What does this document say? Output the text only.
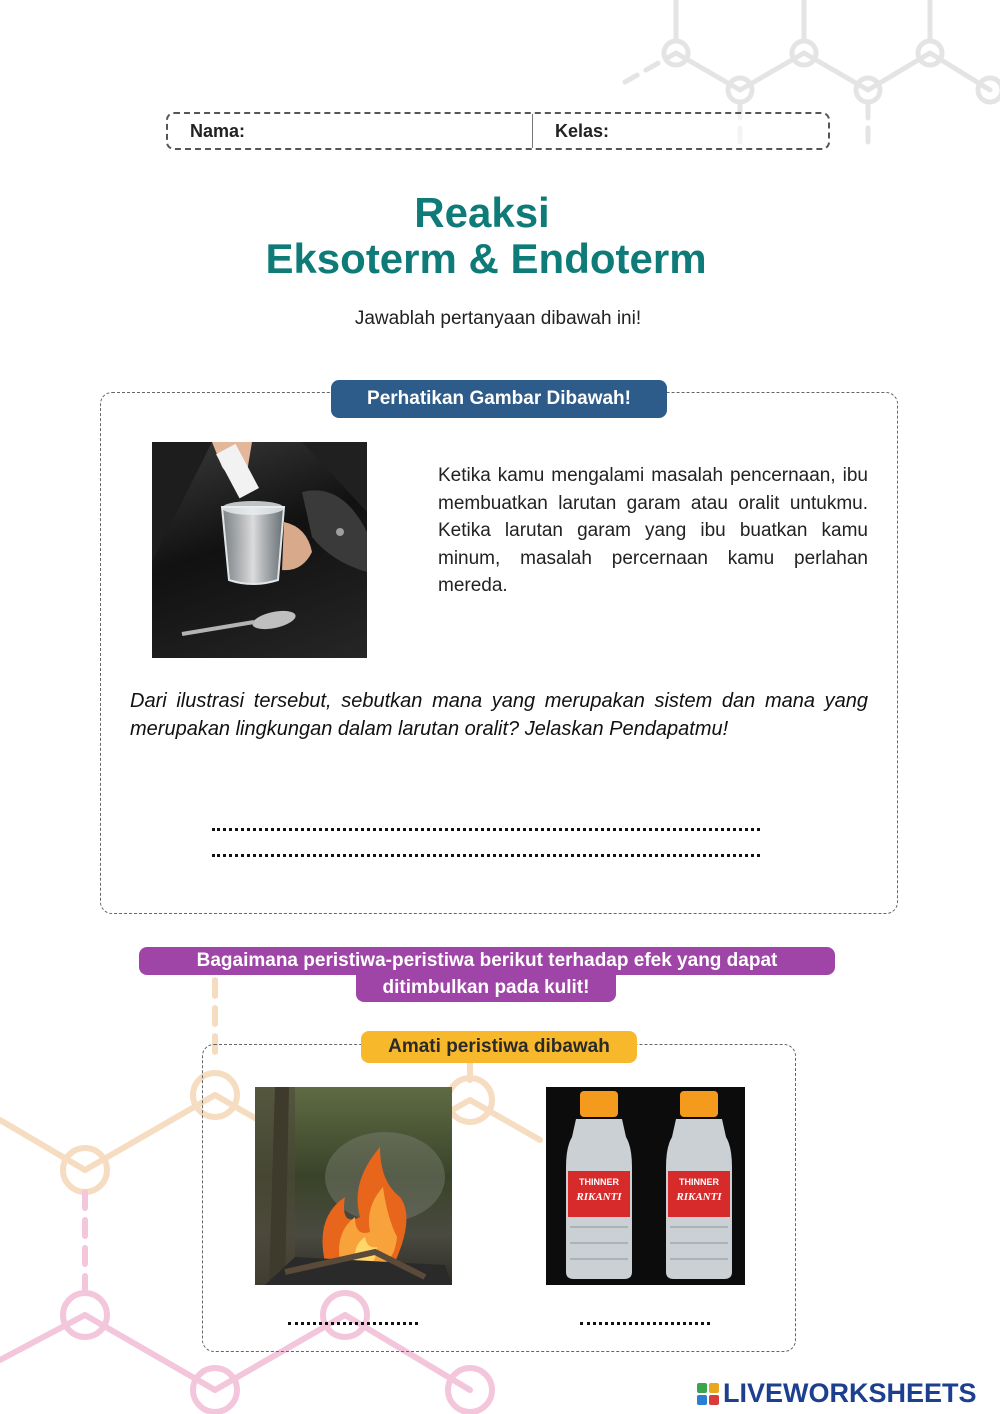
Nama:	Kelas:
Reaksi
Eksoterm & Endoterm
Jawablah pertanyaan dibawah ini!
Perhatikan Gambar Dibawah!

Ketika kamu mengalami masalah pencernaan, ibu membuatkan larutan garam atau oralit untukmu. Ketika larutan garam yang ibu buatkan kamu minum, masalah percernaan kamu perlahan mereda.

Dari ilustrasi tersebut, sebutkan mana yang merupakan sistem dan mana yang merupakan lingkungan dalam larutan oralit? Jelaskan Pendapatmu!

Bagaimana peristiwa-peristiwa berikut terhadap efek yang dapat
ditimbulkan pada kulit!
Amati peristiwa dibawah
THINNER
RIKANTI
THINNER
RIKANTI
LIVEWORKSHEETS
